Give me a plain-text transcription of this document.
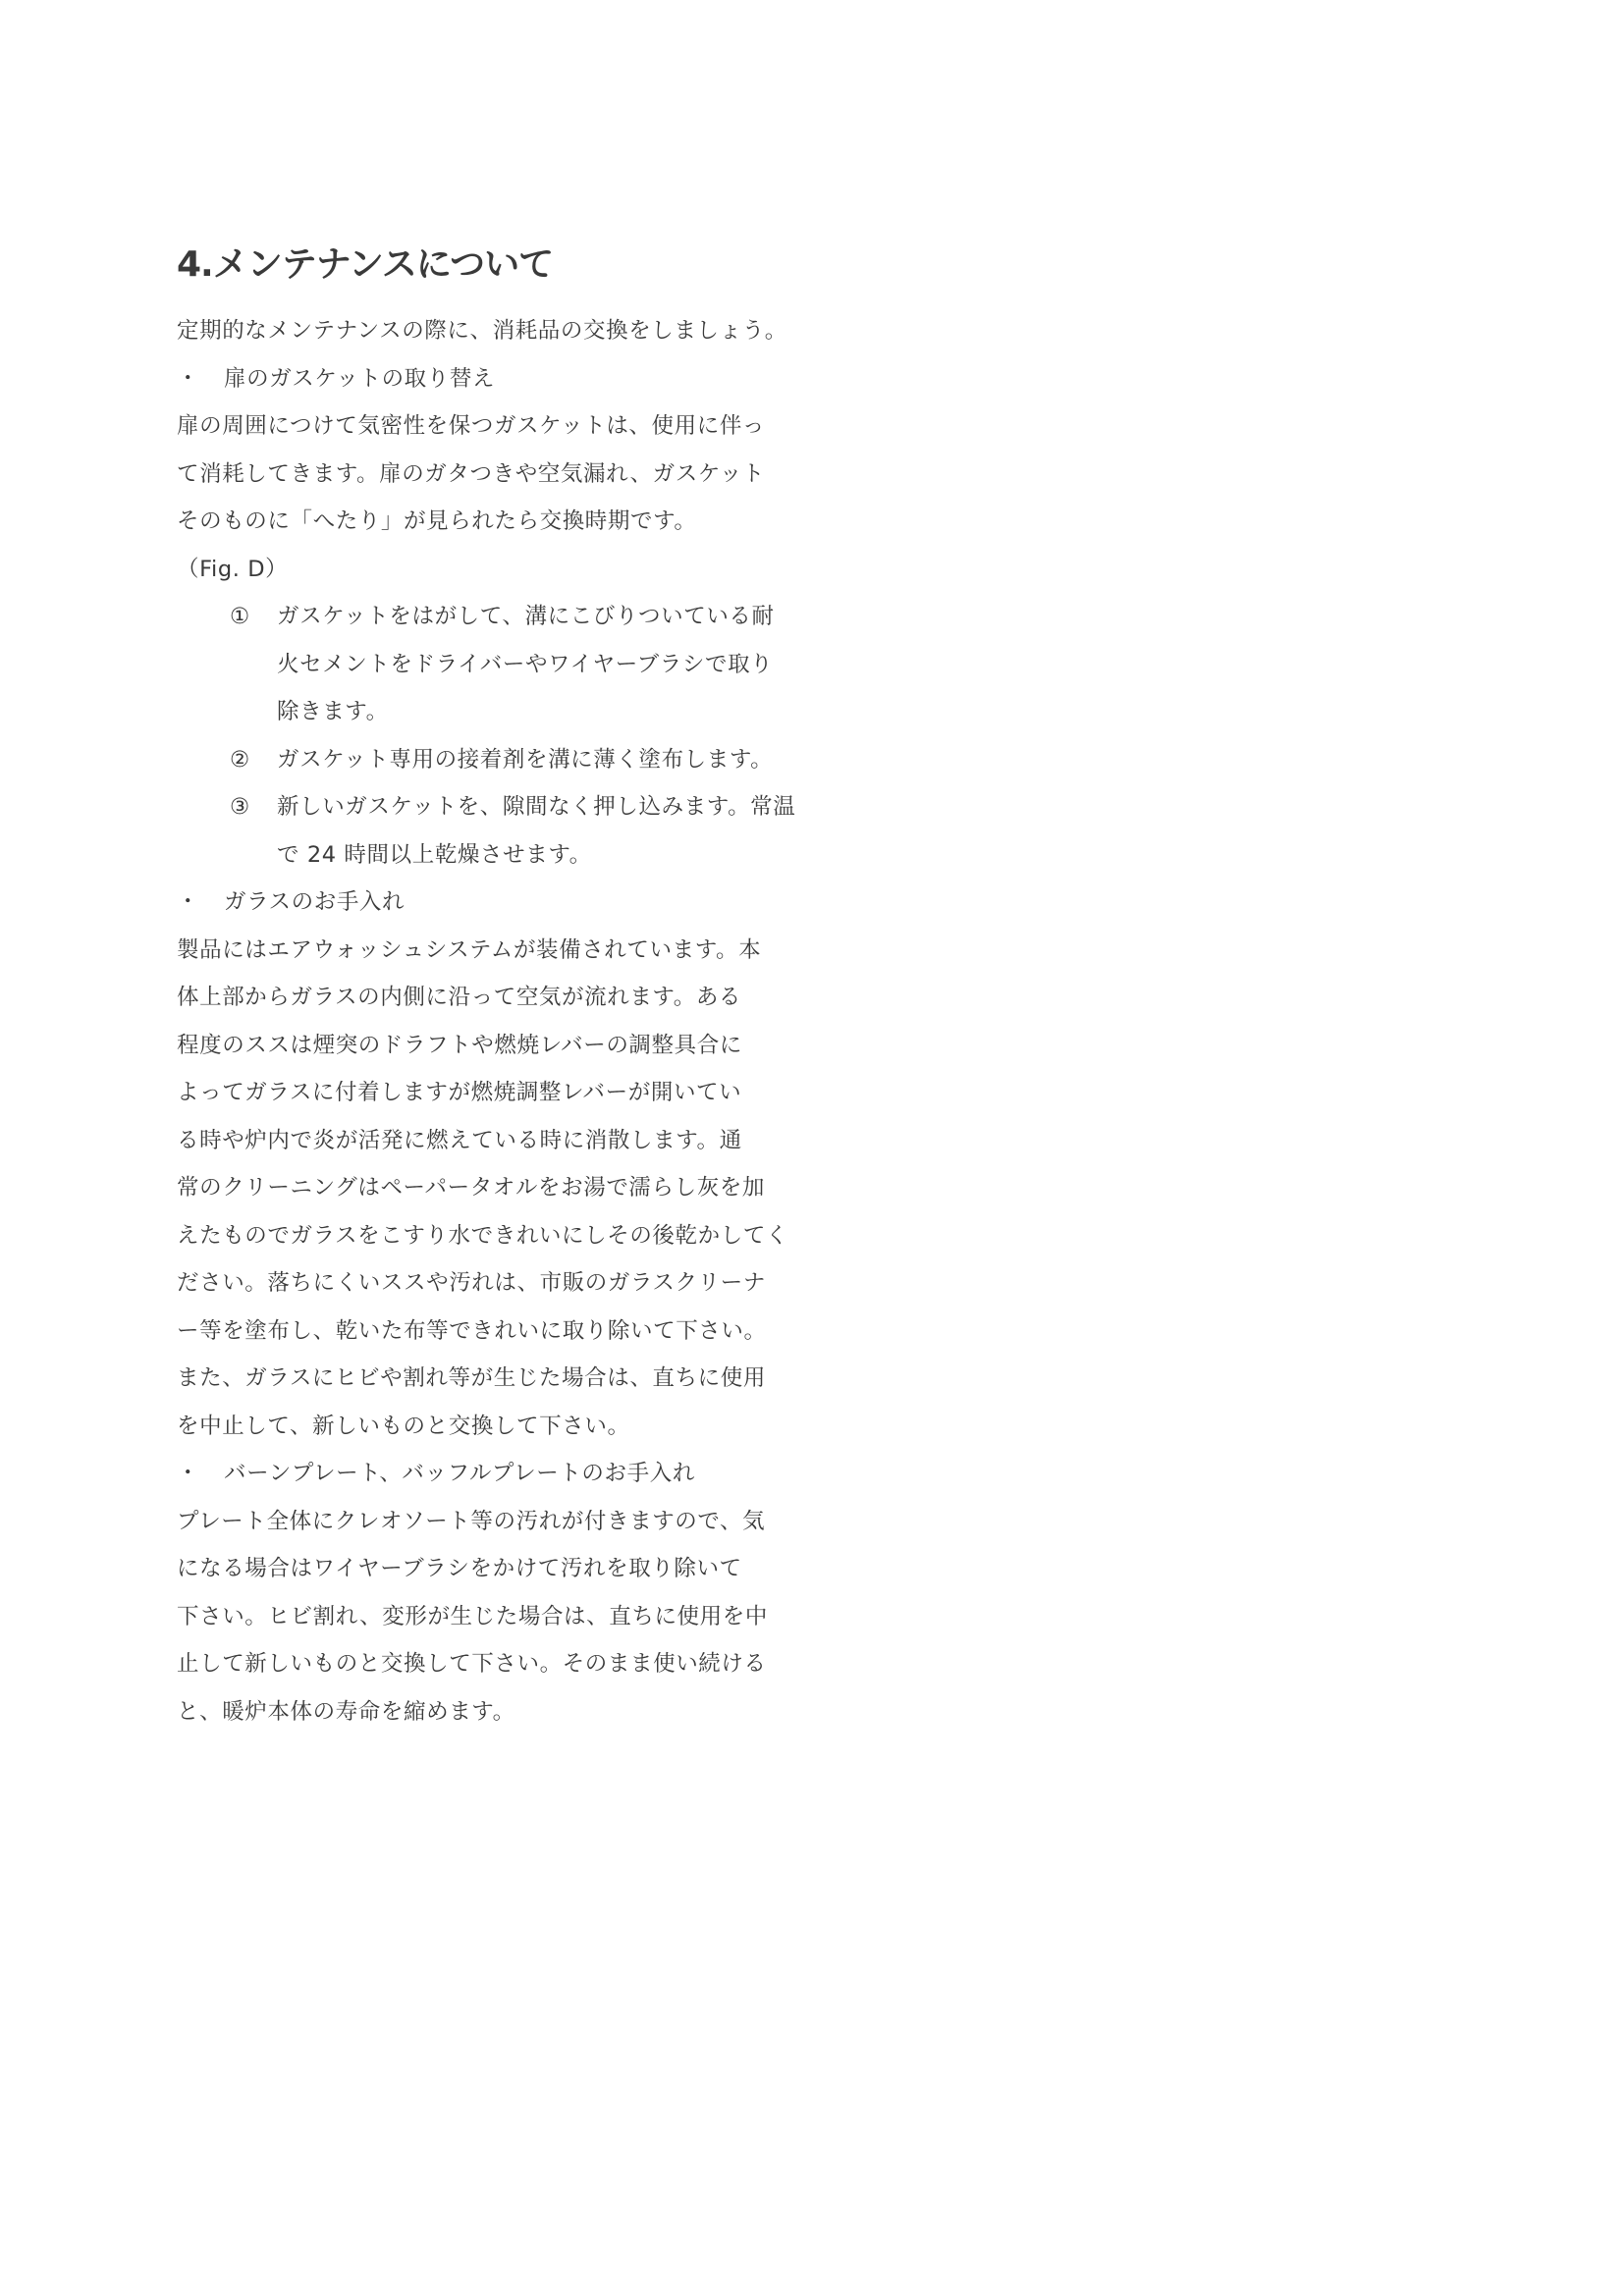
4.メンテナンスについて

定期的なメンテナンスの際に、消耗品の交換をしましょう。

・ 扉のガスケットの取り替え

扉の周囲につけて気密性を保つガスケットは、使用に伴っ

て消耗してきます。扉のガタつきや空気漏れ、ガスケット

そのものに「へたり」が見られたら交換時期です。

（Fig. D）

① ガスケットをはがして、溝にこびりついている耐

火セメントをドライバーやワイヤーブラシで取り

除きます。

② ガスケット専用の接着剤を溝に薄く塗布します。

③ 新しいガスケットを、隙間なく押し込みます。常温

で 24 時間以上乾燥させます。

・ ガラスのお手入れ

製品にはエアウォッシュシステムが装備されています。本

体上部からガラスの内側に沿って空気が流れます。ある

程度のススは煙突のドラフトや燃焼レバーの調整具合に

よってガラスに付着しますが燃焼調整レバーが開いてい

る時や炉内で炎が活発に燃えている時に消散します。通

常のクリーニングはペーパータオルをお湯で濡らし灰を加

えたものでガラスをこすり水できれいにしその後乾かしてく

ださい。落ちにくいススや汚れは、市販のガラスクリーナ

ー等を塗布し、乾いた布等できれいに取り除いて下さい。

また、ガラスにヒビや割れ等が生じた場合は、直ちに使用

を中止して、新しいものと交換して下さい。

・ バーンプレート、バッフルプレートのお手入れ

プレート全体にクレオソート等の汚れが付きますので、気

になる場合はワイヤーブラシをかけて汚れを取り除いて

下さい。ヒビ割れ、変形が生じた場合は、直ちに使用を中

止して新しいものと交換して下さい。そのまま使い続ける

と、暖炉本体の寿命を縮めます。
